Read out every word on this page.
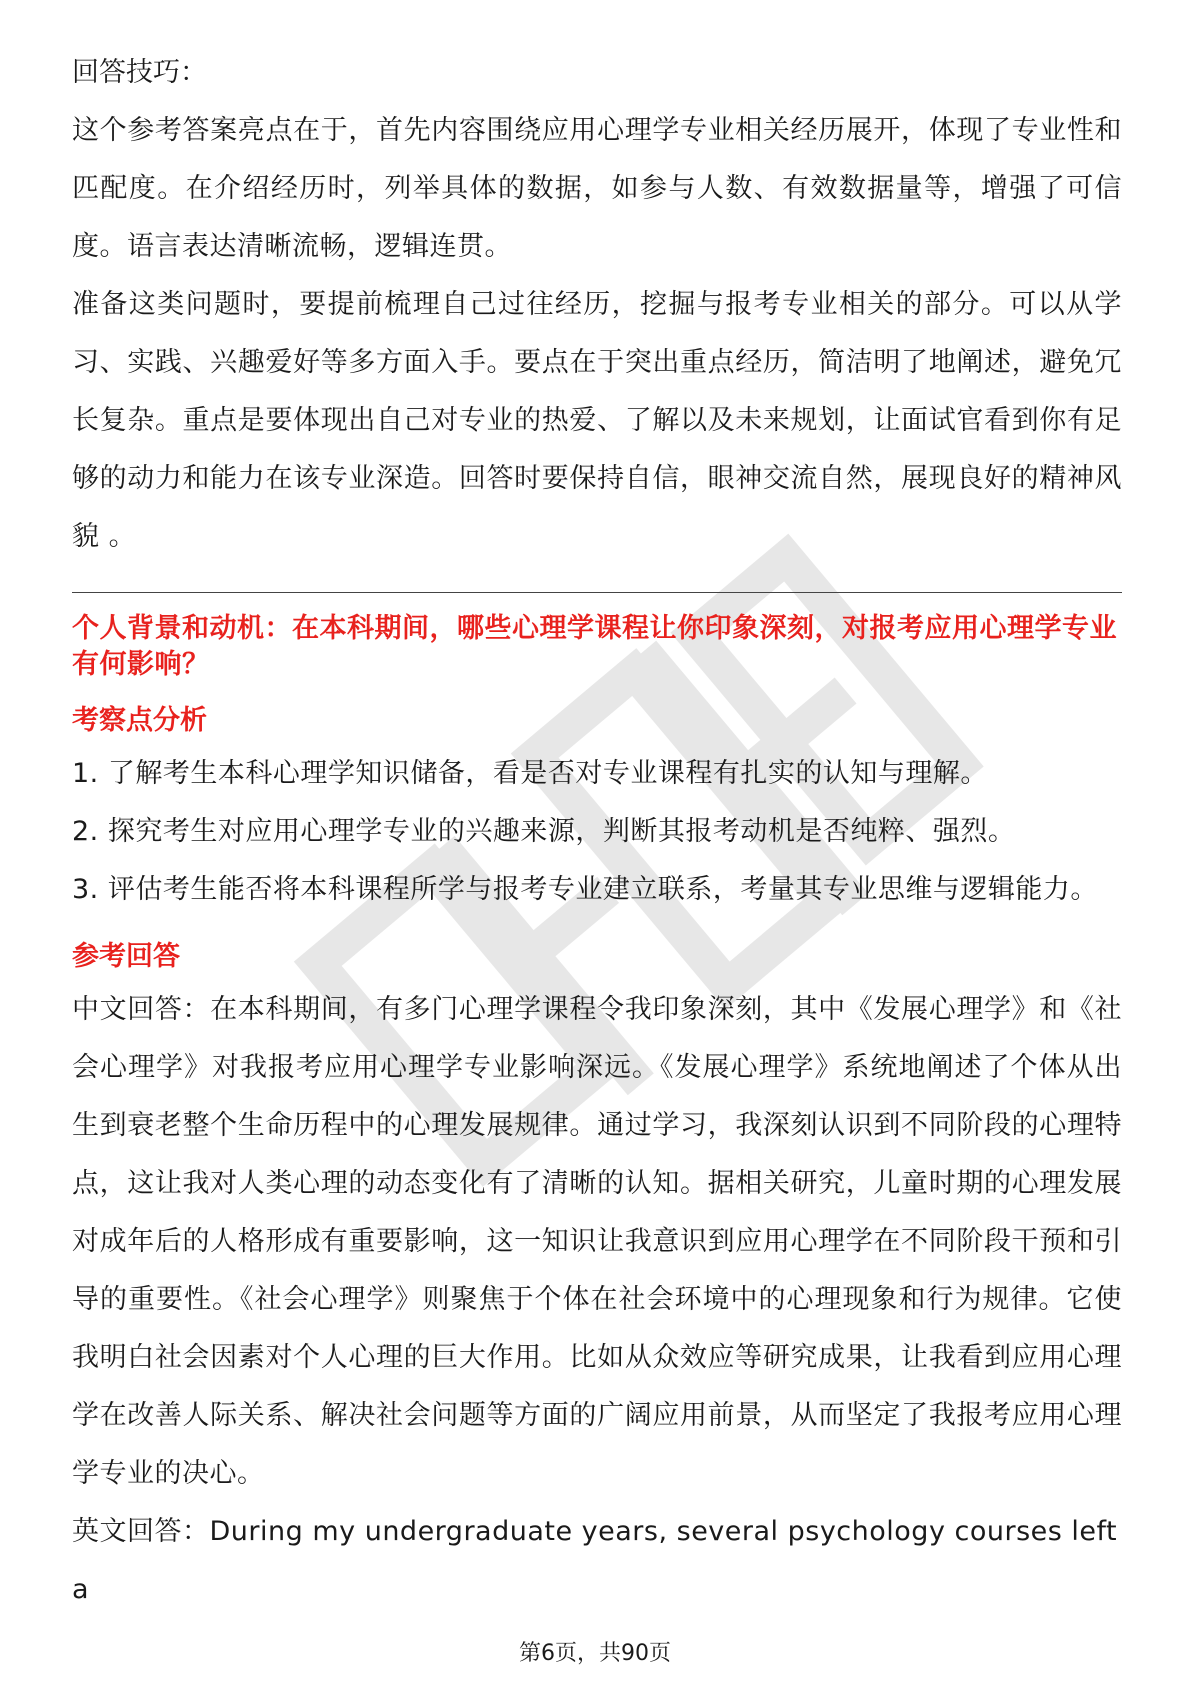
回答技巧：

这个参考答案亮点在于，首先内容围绕应用心理学专业相关经历展开，体现了专业性和匹配度。在介绍经历时，列举具体的数据，如参与人数、有效数据量等，增强了可信度。语言表达清晰流畅，逻辑连贯。

准备这类问题时，要提前梳理自己过往经历，挖掘与报考专业相关的部分。可以从学习、实践、兴趣爱好等多方面入手。要点在于突出重点经历，简洁明了地阐述，避免冗长复杂。重点是要体现出自己对专业的热爱、了解以及未来规划，让面试官看到你有足够的动力和能力在该专业深造。回答时要保持自信，眼神交流自然，展现良好的精神风貌 。

个人背景和动机：在本科期间，哪些心理学课程让你印象深刻，对报考应用心理学专业有何影响？

考察点分析

1. 了解考生本科心理学知识储备，看是否对专业课程有扎实的认知与理解。

2. 探究考生对应用心理学专业的兴趣来源，判断其报考动机是否纯粹、强烈。

3. 评估考生能否将本科课程所学与报考专业建立联系，考量其专业思维与逻辑能力。

参考回答

中文回答：在本科期间，有多门心理学课程令我印象深刻，其中《发展心理学》和《社会心理学》对我报考应用心理学专业影响深远。《发展心理学》系统地阐述了个体从出生到衰老整个生命历程中的心理发展规律。通过学习，我深刻认识到不同阶段的心理特点，这让我对人类心理的动态变化有了清晰的认知。据相关研究，儿童时期的心理发展对成年后的人格形成有重要影响，这一知识让我意识到应用心理学在不同阶段干预和引导的重要性。《社会心理学》则聚焦于个体在社会环境中的心理现象和行为规律。它使我明白社会因素对个人心理的巨大作用。比如从众效应等研究成果，让我看到应用心理学在改善人际关系、解决社会问题等方面的广阔应用前景，从而坚定了我报考应用心理学专业的决心。

英文回答：During my undergraduate years, several psychology courses left a

第6页，共90页
